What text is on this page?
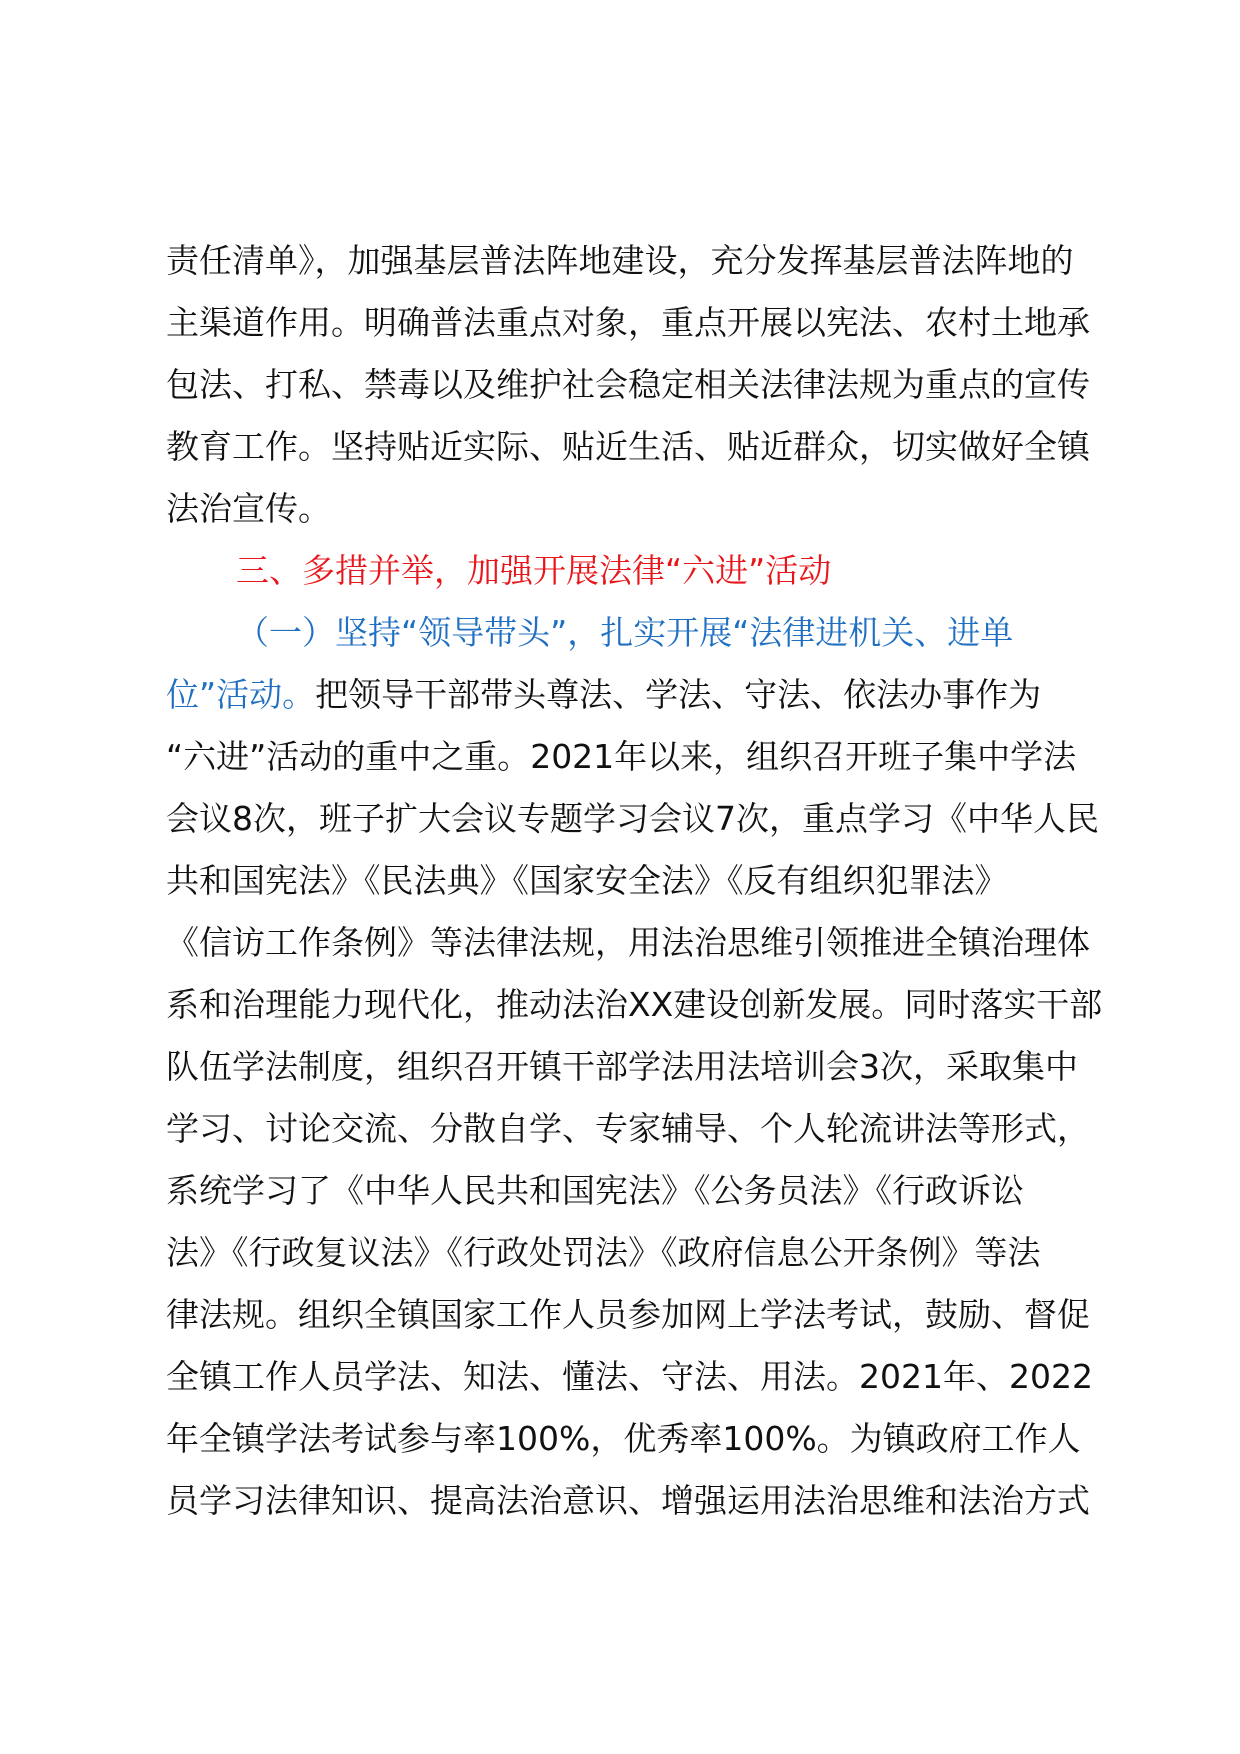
责任清单》，加强基层普法阵地建设，充分发挥基层普法阵地的
主渠道作用。明确普法重点对象，重点开展以宪法、农村土地承
包法、打私、禁毒以及维护社会稳定相关法律法规为重点的宣传
教育工作。坚持贴近实际、贴近生活、贴近群众，切实做好全镇
法治宣传。
三、多措并举，加强开展法律“六进”活动
（一）坚持“领导带头”，扎实开展“法律进机关、进单
位”活动。把领导干部带头尊法、学法、守法、依法办事作为
“六进”活动的重中之重。2021年以来，组织召开班子集中学法
会议8次，班子扩大会议专题学习会议7次，重点学习《中华人民
共和国宪法》《民法典》《国家安全法》《反有组织犯罪法》
《信访工作条例》等法律法规，用法治思维引领推进全镇治理体
系和治理能力现代化，推动法治XX建设创新发展。同时落实干部
队伍学法制度，组织召开镇干部学法用法培训会3次，采取集中
学习、讨论交流、分散自学、专家辅导、个人轮流讲法等形式，
系统学习了《中华人民共和国宪法》《公务员法》《行政诉讼
法》《行政复议法》《行政处罚法》《政府信息公开条例》等法
律法规。组织全镇国家工作人员参加网上学法考试，鼓励、督促
全镇工作人员学法、知法、懂法、守法、用法。2021年、2022
年全镇学法考试参与率100%，优秀率100%。为镇政府工作人
员学习法律知识、提高法治意识、增强运用法治思维和法治方式
